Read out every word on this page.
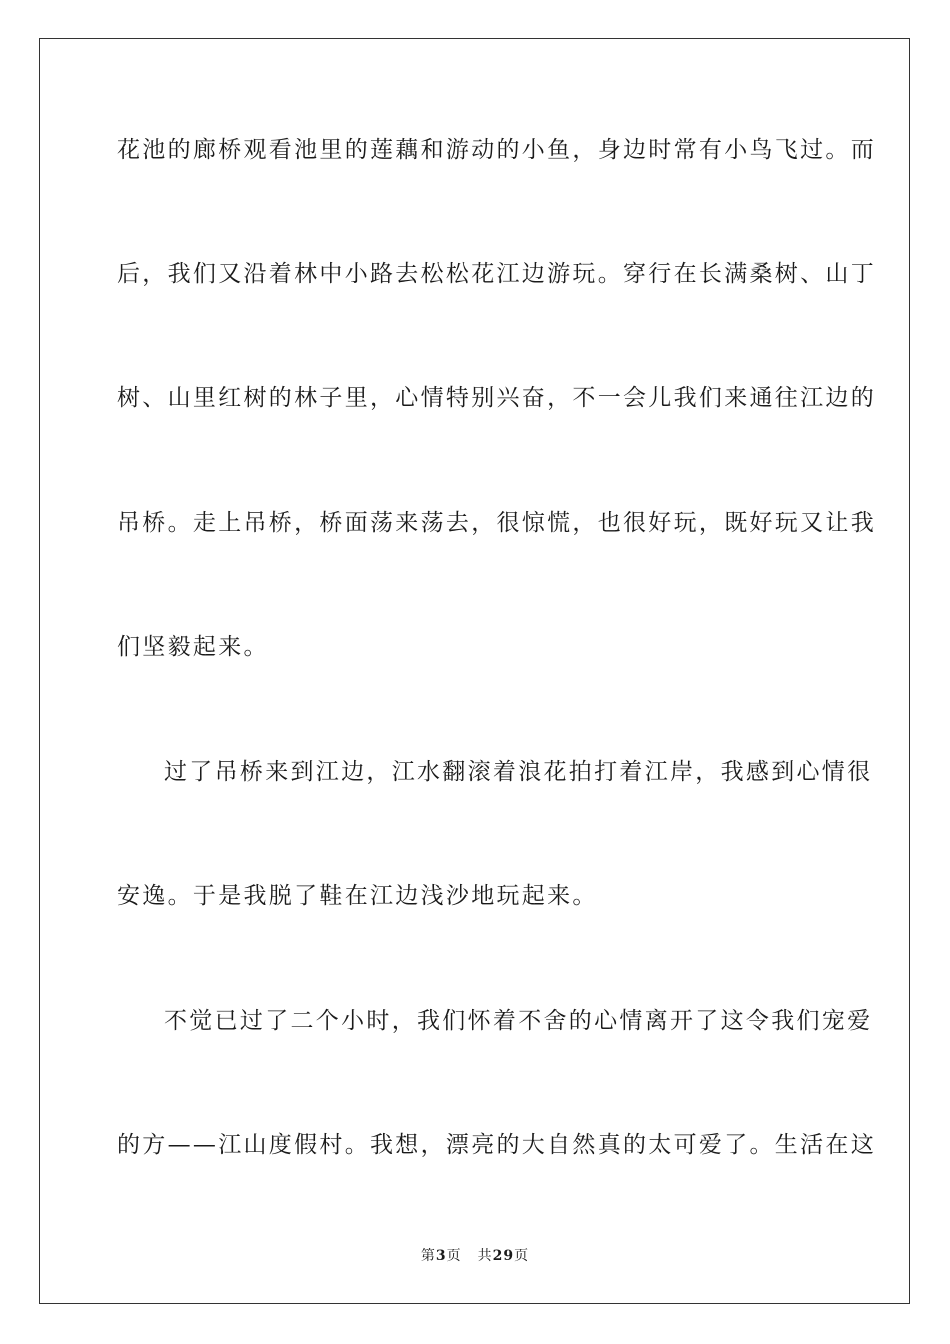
花池的廊桥观看池里的莲藕和游动的小鱼，身边时常有小鸟飞过。而
后，我们又沿着林中小路去松松花江边游玩。穿行在长满桑树、山丁
树、山里红树的林子里，心情特别兴奋，不一会儿我们来通往江边的
吊桥。走上吊桥，桥面荡来荡去，很惊慌，也很好玩，既好玩又让我
们坚毅起来。
过了吊桥来到江边，江水翻滚着浪花拍打着江岸，我感到心情很
安逸。于是我脱了鞋在江边浅沙地玩起来。
不觉已过了二个小时，我们怀着不舍的心情离开了这令我们宠爱
的方——江山度假村。我想，漂亮的大自然真的太可爱了。生活在这
第3页 共29页
